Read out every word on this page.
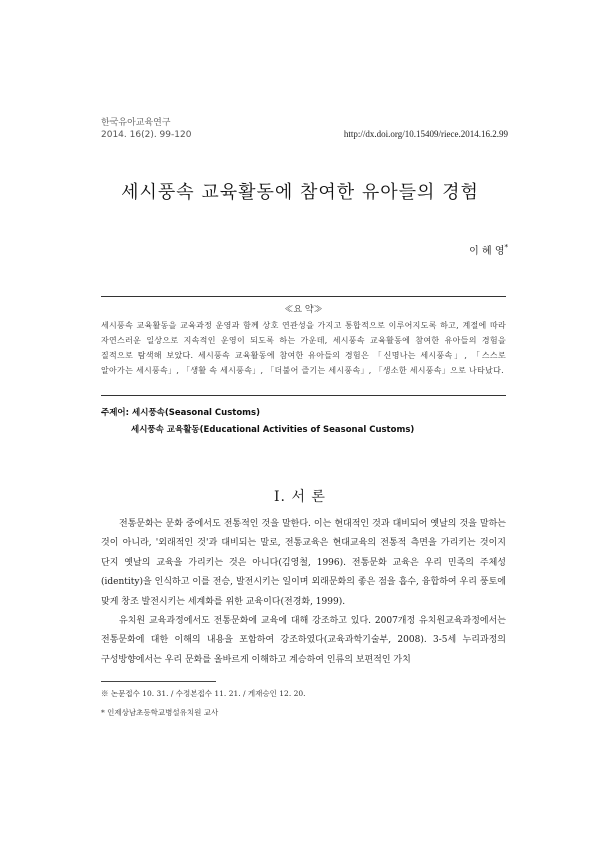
한국유아교육연구
2014. 16(2). 99-120	http://dx.doi.org/10.15409/riece.2014.16.2.99
세시풍속 교육활동에 참여한 유아들의 경험
이 혜 영*
≪요 약≫
세시풍속 교육활동을 교육과정 운영과 함께 상호 연관성을 가지고 통합적으로 이루어지도록 하고, 계절에 따라 자연스러운 일상으로 지속적인 운영이 되도록 하는 가운데, 세시풍속 교육활동에 참여한 유아들의 경험을 질적으로 탐색해 보았다. 세시풍속 교육활동에 참여한 유아들의 경험은 「신명나는 세시풍속」, 「스스로 알아가는 세시풍속」, 「생활 속 세시풍속」, 「더불어 즐기는 세시풍속」, 「생소한 세시풍속」으로 나타났다.
주제어: 세시풍속(Seasonal Customs)
세시풍속 교육활동(Educational Activities of Seasonal Customs)
Ⅰ. 서 론

전통문화는 문화 중에서도 전통적인 것을 말한다. 이는 현대적인 것과 대비되어 옛날의 것을 말하는 것이 아니라, '외래적인 것'과 대비되는 말로, 전통교육은 현대교육의 전통적 측면을 가리키는 것이지 단지 옛날의 교육을 가리키는 것은 아니다(김영철, 1996). 전통문화 교육은 우리 민족의 주체성(identity)을 인식하고 이를 전승, 발전시키는 일이며 외래문화의 좋은 점을 흡수, 융합하여 우리 풍토에 맞게 창조 발전시키는 세계화를 위한 교육이다(전경화, 1999).

유치원 교육과정에서도 전통문화에 교육에 대해 강조하고 있다. 2007개정 유치원교육과정에서는 전통문화에 대한 이해의 내용을 포함하여 강조하였다(교육과학기술부, 2008). 3-5세 누리과정의 구성방향에서는 우리 문화를 올바르게 이해하고 계승하여 인류의 보편적인 가치

※ 논문접수 10. 31. / 수정본접수 11. 21. / 게재승인 12. 20.
* 인제상남초등학교병설유치원 교사
